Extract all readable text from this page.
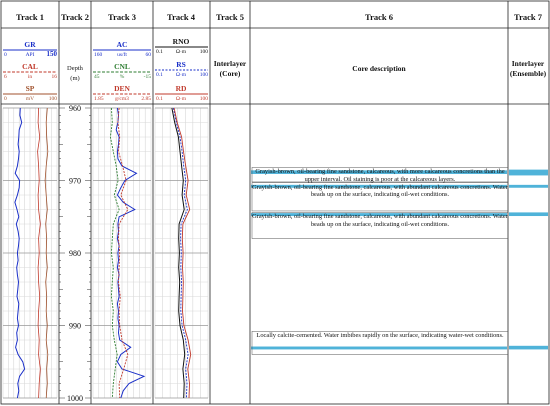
Track 1 Track 2 Track 3	Track 4 Track 5	Track 6	Track 7
GR
0	API 150
CAL
6	in	16
SP
0	mV	100
Depth
(m)
AC
160	us/ft	60
CNL
45	%	-15
DEN
1.85 g/cm3 2.85
RNO
0.1 Ω·m 100
RS
0.1 Ω·m 100
RD
0.1 Ω·m 100
Interlayer (Core)
Core description
Interlayer (Ensemble)
960
970
980
990
1000
Grayish-brown, oil-bearing fine sandstone, calcareous, with more calcareous concretions than the upper interval. Oil staining is poor at the calcareous layers.
Grayish-brown, oil-bearing fine sandstone, calcareous, with abundant calcareous concretions. Water beads up on the surface, indicating oil-wet conditions.
Grayish-brown, oil-bearing fine sandstone, calcareous, with abundant calcareous concretions. Water beads up on the surface, indicating oil-wet conditions.
Locally calcite-cemented. Water imbibes rapidly on the surface, indicating water-wet conditions.
